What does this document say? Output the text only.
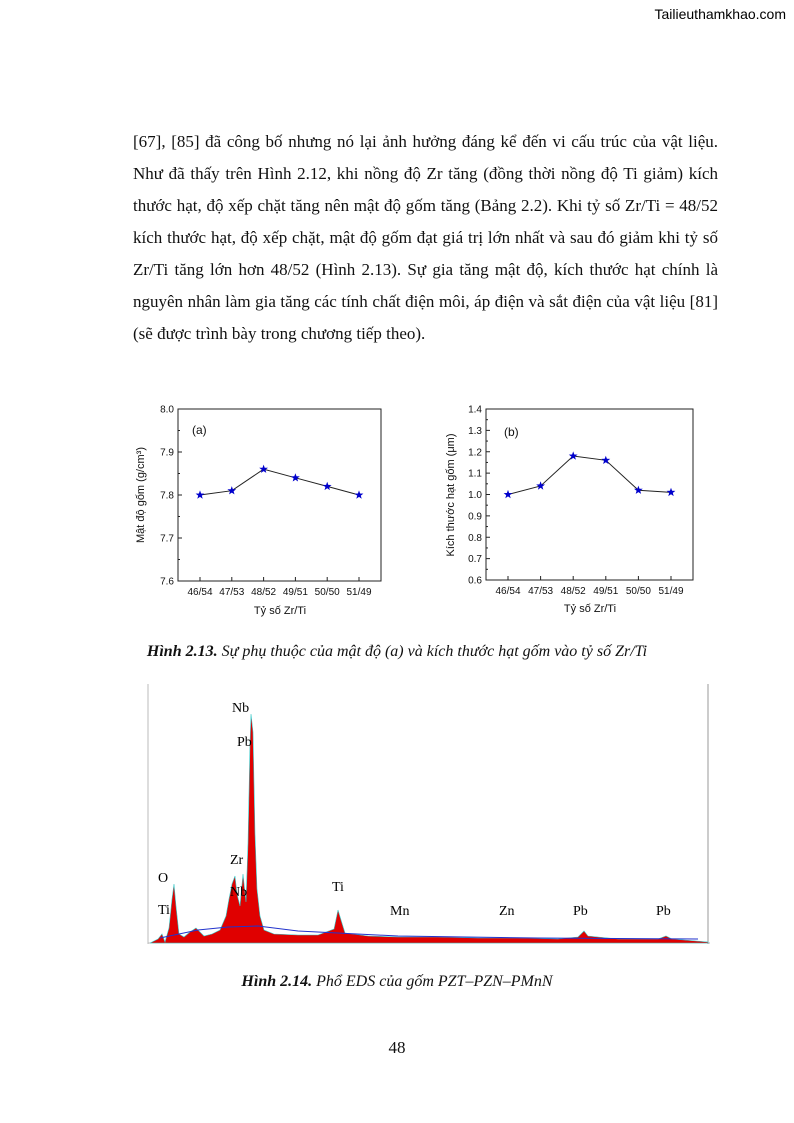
Tailieuthamkhao.com

[67], [85] đã công bố nhưng nó lại ảnh hưởng đáng kể đến vi cấu trúc của vật liệu. Như đã thấy trên Hình 2.12, khi nồng độ Zr tăng (đồng thời nồng độ Ti giảm) kích thước hạt, độ xếp chặt tăng nên mật độ gốm tăng (Bảng 2.2). Khi tỷ số Zr/Ti = 48/52 kích thước hạt, độ xếp chặt, mật độ gốm đạt giá trị lớn nhất và sau đó giảm khi tỷ số Zr/Ti tăng lớn hơn 48/52 (Hình 2.13). Sự gia tăng mật độ, kích thước hạt chính là nguyên nhân làm gia tăng các tính chất điện môi, áp điện và sắt điện của vật liệu [81] (sẽ được trình bày trong chương tiếp theo).

7.6
7.7
7.8
7.9
8.0
46/54 47/53 48/52 49/51 50/50 51/49
(a)
Tỷ số Zr/Ti
Mật độ gốm (g/cm³)
0.6
0.7
0.8
0.9
1.0
1.1
1.2
1.3
1.4
46/54 47/53 48/52 49/51 50/50 51/49
(b)
Tỷ số Zr/Ti
Kích thước hạt gốm (μm)
Hình 2.13. Sự phụ thuộc của mật độ (a) và kích thước hạt gốm vào tỷ số Zr/Ti
Nb
Pb
Zr
O
Ti
Nb	Ti
Mn	Zn	Pb	Pb
Hình 2.14. Phổ EDS của gốm PZT–PZN–PMnN
48
